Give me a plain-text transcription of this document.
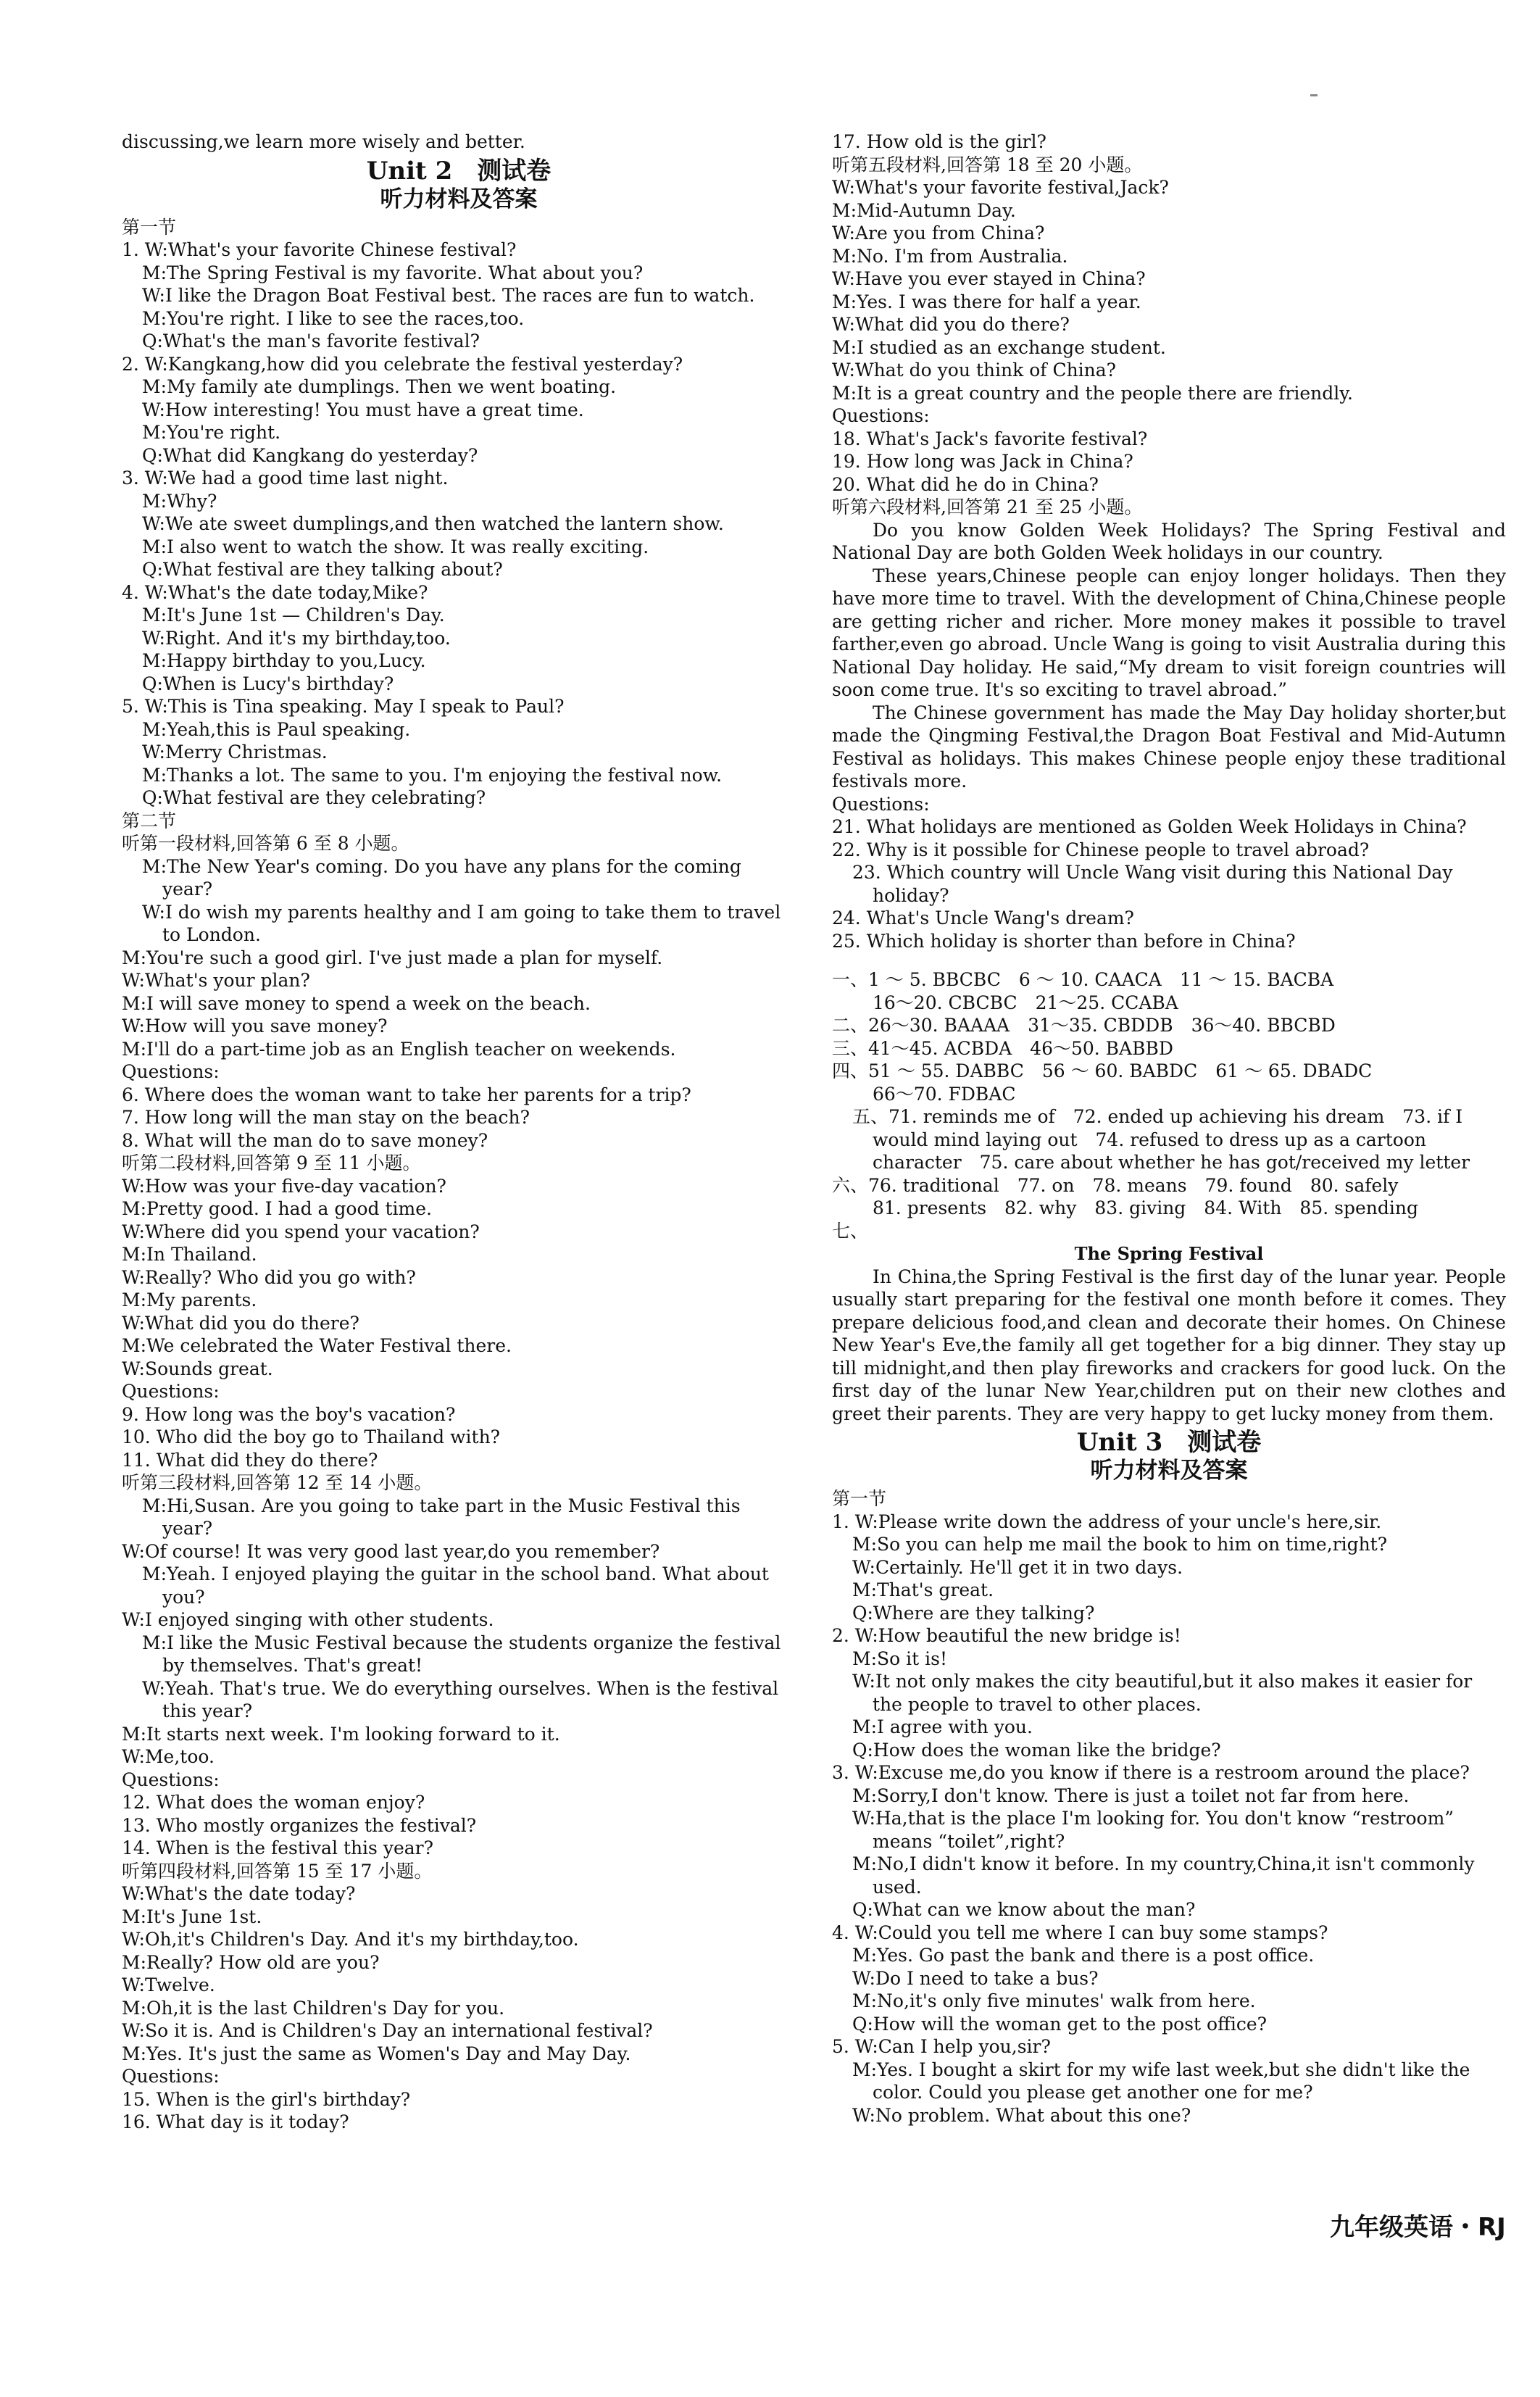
discussing,we learn more wisely and better.
Unit 2　测试卷
听力材料及答案
第一节
1. W:What's your favorite Chinese festival?
M:The Spring Festival is my favorite. What about you?
W:I like the Dragon Boat Festival best. The races are fun to watch.
M:You're right. I like to see the races,too.
Q:What's the man's favorite festival?
2. W:Kangkang,how did you celebrate the festival yesterday?
M:My family ate dumplings. Then we went boating.
W:How interesting! You must have a great time.
M:You're right.
Q:What did Kangkang do yesterday?
3. W:We had a good time last night.
M:Why?
W:We ate sweet dumplings,and then watched the lantern show.
M:I also went to watch the show. It was really exciting.
Q:What festival are they talking about?
4. W:What's the date today,Mike?
M:It's June 1st — Children's Day.
W:Right. And it's my birthday,too.
M:Happy birthday to you,Lucy.
Q:When is Lucy's birthday?
5. W:This is Tina speaking. May I speak to Paul?
M:Yeah,this is Paul speaking.
W:Merry Christmas.
M:Thanks a lot. The same to you. I'm enjoying the festival now.
Q:What festival are they celebrating?
第二节
听第一段材料,回答第 6 至 8 小题。
M:The New Year's coming. Do you have any plans for the coming year?
W:I do wish my parents healthy and I am going to take them to travel to London.
M:You're such a good girl. I've just made a plan for myself.
W:What's your plan?
M:I will save money to spend a week on the beach.
W:How will you save money?
M:I'll do a part-time job as an English teacher on weekends.
Questions:
6. Where does the woman want to take her parents for a trip?
7. How long will the man stay on the beach?
8. What will the man do to save money?
听第二段材料,回答第 9 至 11 小题。
W:How was your five-day vacation?
M:Pretty good. I had a good time.
W:Where did you spend your vacation?
M:In Thailand.
W:Really? Who did you go with?
M:My parents.
W:What did you do there?
M:We celebrated the Water Festival there.
W:Sounds great.
Questions:
9. How long was the boy's vacation?
10. Who did the boy go to Thailand with?
11. What did they do there?
听第三段材料,回答第 12 至 14 小题。
M:Hi,Susan. Are you going to take part in the Music Festival this year?
W:Of course! It was very good last year,do you remember?
M:Yeah. I enjoyed playing the guitar in the school band. What about you?
W:I enjoyed singing with other students.
M:I like the Music Festival because the students organize the festival by themselves. That's great!
W:Yeah. That's true. We do everything ourselves. When is the festival this year?
M:It starts next week. I'm looking forward to it.
W:Me,too.
Questions:
12. What does the woman enjoy?
13. Who mostly organizes the festival?
14. When is the festival this year?
听第四段材料,回答第 15 至 17 小题。
W:What's the date today?
M:It's June 1st.
W:Oh,it's Children's Day. And it's my birthday,too.
M:Really? How old are you?
W:Twelve.
M:Oh,it is the last Children's Day for you.
W:So it is. And is Children's Day an international festival?
M:Yes. It's just the same as Women's Day and May Day.
Questions:
15. When is the girl's birthday?
16. What day is it today?
17. How old is the girl?
听第五段材料,回答第 18 至 20 小题。
W:What's your favorite festival,Jack?
M:Mid-Autumn Day.
W:Are you from China?
M:No. I'm from Australia.
W:Have you ever stayed in China?
M:Yes. I was there for half a year.
W:What did you do there?
M:I studied as an exchange student.
W:What do you think of China?
M:It is a great country and the people there are friendly.
Questions:
18. What's Jack's favorite festival?
19. How long was Jack in China?
20. What did he do in China?
听第六段材料,回答第 21 至 25 小题。
Do you know Golden Week Holidays? The Spring Festival and National Day are both Golden Week holidays in our country.
These years,Chinese people can enjoy longer holidays. Then they have more time to travel. With the development of China,Chinese people are getting richer and richer. More money makes it possible to travel farther,even go abroad. Uncle Wang is going to visit Australia during this National Day holiday. He said,“My dream to visit foreign countries will soon come true. It's so exciting to travel abroad.”
The Chinese government has made the May Day holiday shorter,but made the Qingming Festival,the Dragon Boat Festival and Mid-Autumn Festival as holidays. This makes Chinese people enjoy these traditional festivals more.
Questions:
21. What holidays are mentioned as Golden Week Holidays in China?
22. Why is it possible for Chinese people to travel abroad?
23. Which country will Uncle Wang visit during this National Day holiday?
24. What's Uncle Wang's dream?
25. Which holiday is shorter than before in China?
一、1 ～ 5. BBCBC　6 ～ 10. CAACA　11 ～ 15. BACBA
16～20. CBCBC　21～25. CCABA
二、26～30. BAAAA　31～35. CBDDB　36～40. BBCBD
三、41～45. ACBDA　46～50. BABBD
四、51 ～ 55. DABBC　56 ～ 60. BABDC　61 ～ 65. DBADC
66～70. FDBAC
五、71. reminds me of　72. ended up achieving his dream　73. if I would mind laying out　74. refused to dress up as a cartoon character　75. care about whether he has got/received my letter
六、76. traditional　77. on　78. means　79. found　80. safely
81. presents　82. why　83. giving　84. With　85. spending
七、
The Spring Festival
In China,the Spring Festival is the first day of the lunar year. People usually start preparing for the festival one month before it comes. They prepare delicious food,and clean and decorate their homes. On Chinese New Year's Eve,the family all get together for a big dinner. They stay up till midnight,and then play fireworks and crackers for good luck. On the first day of the lunar New Year,children put on their new clothes and greet their parents. They are very happy to get lucky money from them.
Unit 3　测试卷
听力材料及答案
第一节
1. W:Please write down the address of your uncle's here,sir.
M:So you can help me mail the book to him on time,right?
W:Certainly. He'll get it in two days.
M:That's great.
Q:Where are they talking?
2. W:How beautiful the new bridge is!
M:So it is!
W:It not only makes the city beautiful,but it also makes it easier for the people to travel to other places.
M:I agree with you.
Q:How does the woman like the bridge?
3. W:Excuse me,do you know if there is a restroom around the place?
M:Sorry,I don't know. There is just a toilet not far from here.
W:Ha,that is the place I'm looking for. You don't know “restroom” means “toilet”,right?
M:No,I didn't know it before. In my country,China,it isn't commonly used.
Q:What can we know about the man?
4. W:Could you tell me where I can buy some stamps?
M:Yes. Go past the bank and there is a post office.
W:Do I need to take a bus?
M:No,it's only five minutes' walk from here.
Q:How will the woman get to the post office?
5. W:Can I help you,sir?
M:Yes. I bought a skirt for my wife last week,but she didn't like the color. Could you please get another one for me?
W:No problem. What about this one?
九年级英语・RJ
